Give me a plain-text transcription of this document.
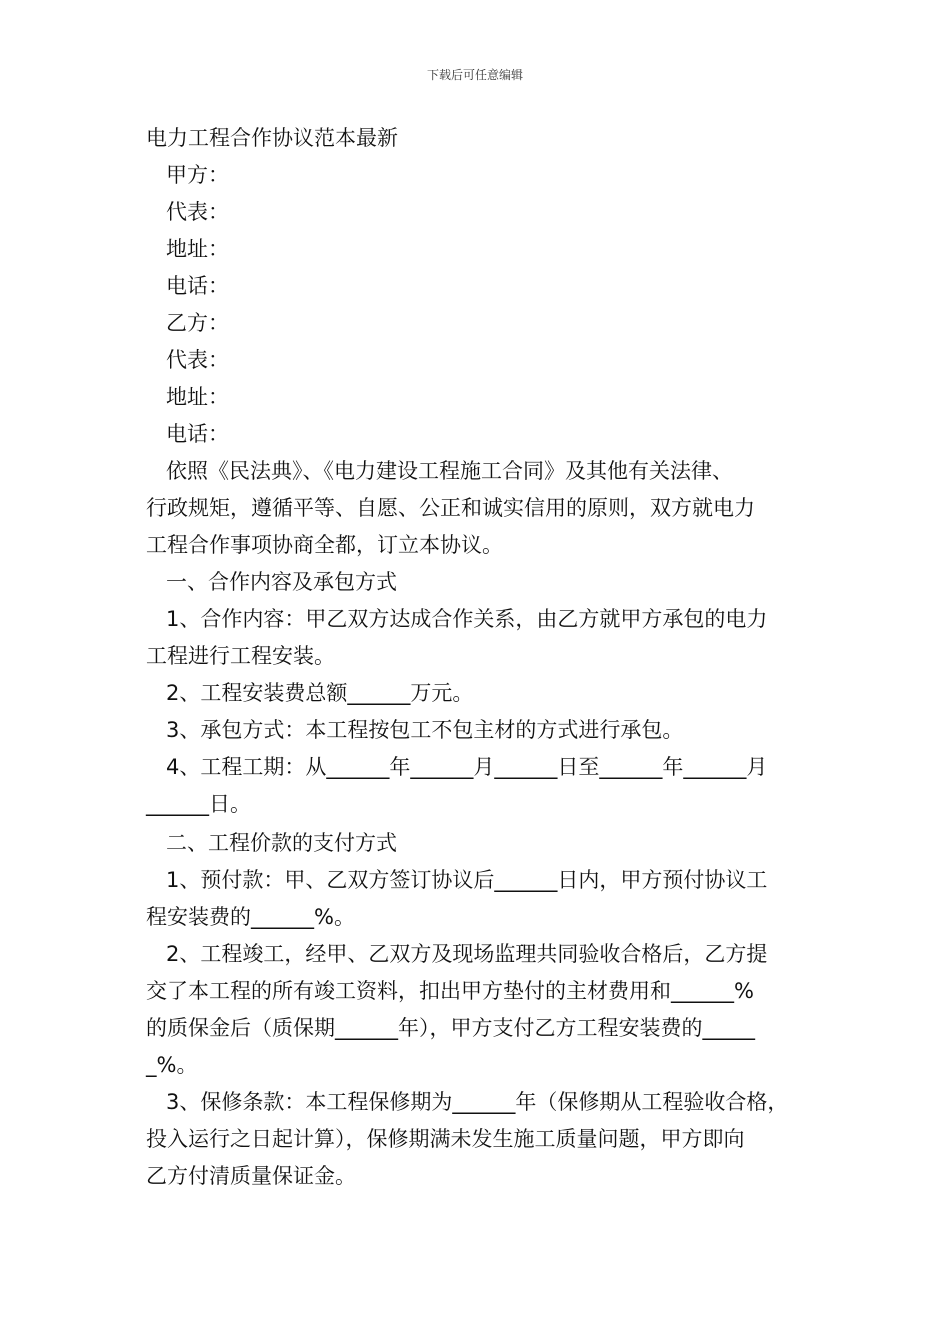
下载后可任意编辑
电力工程合作协议范本最新
甲方：
代表：
地址：
电话：
乙方：
代表：
地址：
电话：
依照《民法典》、《电力建设工程施工合同》及其他有关法律、
行政规矩，遵循平等、自愿、公正和诚实信用的原则，双方就电力
工程合作事项协商全都，订立本协议。
一、合作内容及承包方式
1、合作内容：甲乙双方达成合作关系，由乙方就甲方承包的电力
工程进行工程安装。
2、工程安装费总额______万元。
3、承包方式：本工程按包工不包主材的方式进行承包。
4、工程工期：从______年______月______日至______年______月
______日。
二、工程价款的支付方式
1、预付款：甲、乙双方签订协议后______日内，甲方预付协议工
程安装费的______%。
2、工程竣工，经甲、乙双方及现场监理共同验收合格后，乙方提
交了本工程的所有竣工资料，扣出甲方垫付的主材费用和______%
的质保金后（质保期______年），甲方支付乙方工程安装费的_____
_%。
3、保修条款：本工程保修期为______年（保修期从工程验收合格，
投入运行之日起计算），保修期满未发生施工质量问题，甲方即向
乙方付清质量保证金。
